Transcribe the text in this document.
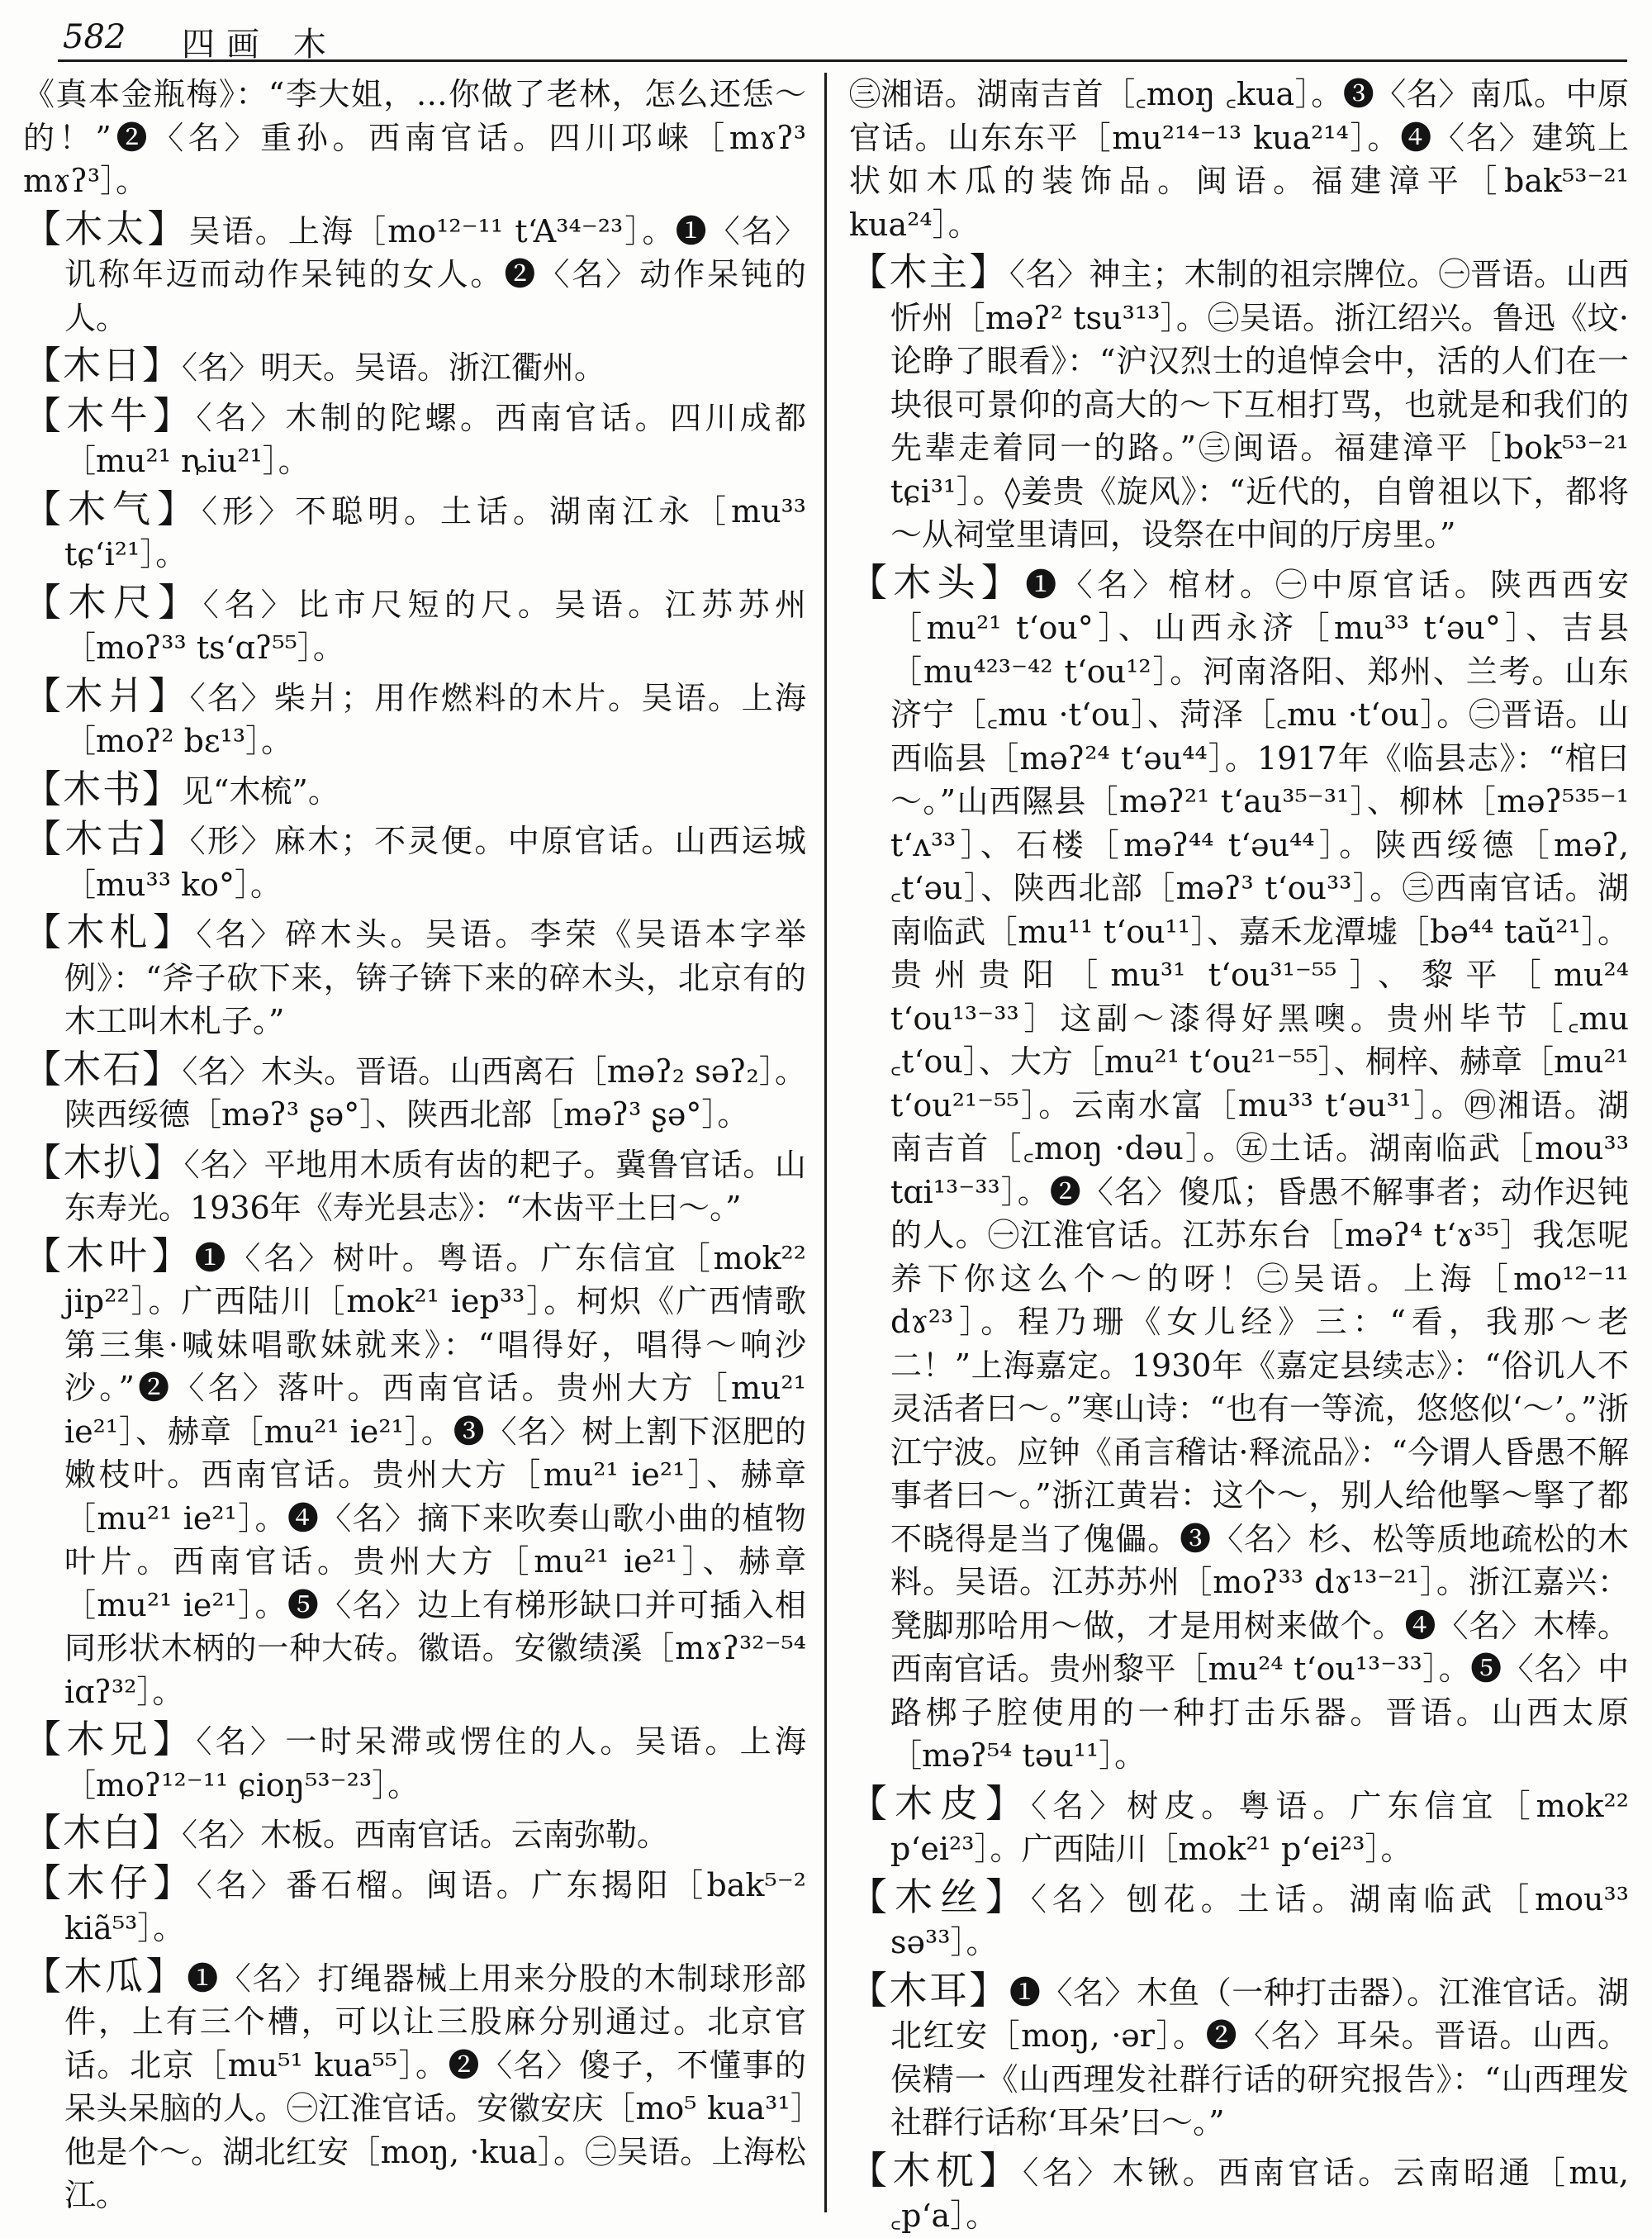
582 四画 木

《真本金瓶梅》：“李大姐，…你做了老林，怎么还恁～的！”❷〈名〉重孙。西南官话。四川邛崃［mɤʔ³ mɤʔ³］。

【木太】吴语。上海［mo¹²⁻¹¹ tʻA³⁴⁻²³］。❶〈名〉讥称年迈而动作呆钝的女人。❷〈名〉动作呆钝的人。

【木日】〈名〉明天。吴语。浙江衢州。

【木牛】〈名〉木制的陀螺。西南官话。四川成都［mu²¹ ȵiu²¹］。

【木气】〈形〉不聪明。土话。湖南江永［mu³³ tɕʻi²¹］。

【木尺】〈名〉比市尺短的尺。吴语。江苏苏州［moʔ³³ tsʻɑʔ⁵⁵］。

【木爿】〈名〉柴爿；用作燃料的木片。吴语。上海［moʔ² bɛ¹³］。

【木书】见“木梳”。

【木古】〈形〉麻木；不灵便。中原官话。山西运城［mu³³ ko°］。

【木札】〈名〉碎木头。吴语。李荣《吴语本字举例》：“斧子砍下来，锛子锛下来的碎木头，北京有的木工叫木札子。”

【木石】〈名〉木头。晋语。山西离石［məʔ₂ səʔ₂］。陕西绥德［məʔ³ ʂə°］、陕西北部［məʔ³ ʂə°］。

【木扒】〈名〉平地用木质有齿的耙子。冀鲁官话。山东寿光。1936年《寿光县志》：“木齿平土曰～。”

【木叶】❶〈名〉树叶。粤语。广东信宜［mok²² jip²²］。广西陆川［mok²¹ iep³³］。柯炽《广西情歌第三集·喊妹唱歌妹就来》：“唱得好，唱得～响沙沙。”❷〈名〉落叶。西南官话。贵州大方［mu²¹ ie²¹］、赫章［mu²¹ ie²¹］。❸〈名〉树上割下沤肥的嫩枝叶。西南官话。贵州大方［mu²¹ ie²¹］、赫章［mu²¹ ie²¹］。❹〈名〉摘下来吹奏山歌小曲的植物叶片。西南官话。贵州大方［mu²¹ ie²¹］、赫章［mu²¹ ie²¹］。❺〈名〉边上有梯形缺口并可插入相同形状木柄的一种大砖。徽语。安徽绩溪［mɤʔ³²⁻⁵⁴ iɑʔ³²］。

【木兄】〈名〉一时呆滞或愣住的人。吴语。上海［moʔ¹²⁻¹¹ ɕioŋ⁵³⁻²³］。

【木白】〈名〉木板。西南官话。云南弥勒。

【木仔】〈名〉番石榴。闽语。广东揭阳［bak⁵⁻² kiã⁵³］。

【木瓜】❶〈名〉打绳器械上用来分股的木制球形部件，上有三个槽，可以让三股麻分别通过。北京官话。北京［mu⁵¹ kua⁵⁵］。❷〈名〉傻子，不懂事的呆头呆脑的人。㊀江淮官话。安徽安庆［mo⁵ kua³¹］他是个～。湖北红安［moŋ, ·kua］。㊁吴语。上海松江。

㊂湘语。湖南吉首［꜀moŋ ꜀kua］。❸〈名〉南瓜。中原官话。山东东平［mu²¹⁴⁻¹³ kua²¹⁴］。❹〈名〉建筑上状如木瓜的装饰品。闽语。福建漳平［bak⁵³⁻²¹ kua²⁴］。

【木主】〈名〉神主；木制的祖宗牌位。㊀晋语。山西忻州［məʔ² tsu³¹³］。㊁吴语。浙江绍兴。鲁迅《坟·论睁了眼看》：“沪汉烈士的追悼会中，活的人们在一块很可景仰的高大的～下互相打骂，也就是和我们的先辈走着同一的路。”㊂闽语。福建漳平［bok⁵³⁻²¹ tɕi³¹］。◊姜贵《旋风》：“近代的，自曾祖以下，都将～从祠堂里请回，设祭在中间的厅房里。”

【木头】❶〈名〉棺材。㊀中原官话。陕西西安［mu²¹ tʻou°］、山西永济［mu³³ tʻəu°］、吉县［mu⁴²³⁻⁴² tʻou¹²］。河南洛阳、郑州、兰考。山东济宁［꜀mu ·tʻou］、菏泽［꜀mu ·tʻou］。㊁晋语。山西临县［məʔ²⁴ tʻəu⁴⁴］。1917年《临县志》：“棺曰～。”山西隰县［məʔ²¹ tʻau³⁵⁻³¹］、柳林［məʔ⁵³⁵⁻¹ tʻʌ³³］、石楼［məʔ⁴⁴ tʻəu⁴⁴］。陕西绥德［məʔ, ꜀tʻəu］、陕西北部［məʔ³ tʻou³³］。㊂西南官话。湖南临武［mu¹¹ tʻou¹¹］、嘉禾龙潭墟［bə⁴⁴ taŭ²¹］。贵州贵阳［mu³¹ tʻou³¹⁻⁵⁵］、黎平［mu²⁴ tʻou¹³⁻³³］这副～漆得好黑噢。贵州毕节［꜀mu ꜀tʻou］、大方［mu²¹ tʻou²¹⁻⁵⁵］、桐梓、赫章［mu²¹ tʻou²¹⁻⁵⁵］。云南水富［mu³³ tʻəu³¹］。㊃湘语。湖南吉首［꜀moŋ ·dəu］。㊄土话。湖南临武［mou³³ tɑi¹³⁻³³］。❷〈名〉傻瓜；昏愚不解事者；动作迟钝的人。㊀江淮官话。江苏东台［məʔ⁴ tʻɤ³⁵］我怎呢养下你这么个～的呀！㊁吴语。上海［mo¹²⁻¹¹ dɤ²³］。程乃珊《女儿经》三：“看，我那～老二！”上海嘉定。1930年《嘉定县续志》：“俗讥人不灵活者曰～。”寒山诗：“也有一等流，悠悠似‘～’。”浙江宁波。应钟《甬言稽诂·释流品》：“今谓人昏愚不解事者曰～。”浙江黄岩：这个～，别人给他掔～掔了都不晓得是当了傀儡。❸〈名〉杉、松等质地疏松的木料。吴语。江苏苏州［moʔ³³ dɤ¹³⁻²¹］。浙江嘉兴：凳脚那哈用～做，才是用树来做个。❹〈名〉木棒。西南官话。贵州黎平［mu²⁴ tʻou¹³⁻³³］。❺〈名〉中路梆子腔使用的一种打击乐器。晋语。山西太原［məʔ⁵⁴ təu¹¹］。

【木皮】〈名〉树皮。粤语。广东信宜［mok²² pʻei²³］。广西陆川［mok²¹ pʻei²³］。

【木丝】〈名〉刨花。土话。湖南临武［mou³³ sə³³］。

【木耳】❶〈名〉木鱼（一种打击器）。江淮官话。湖北红安［moŋ, ·ər］。❷〈名〉耳朵。晋语。山西。侯精一《山西理发社群行话的研究报告》：“山西理发社群行话称‘耳朵’曰～。”

【木杌】〈名〉木锹。西南官话。云南昭通［mu, ꜀pʻa］。
